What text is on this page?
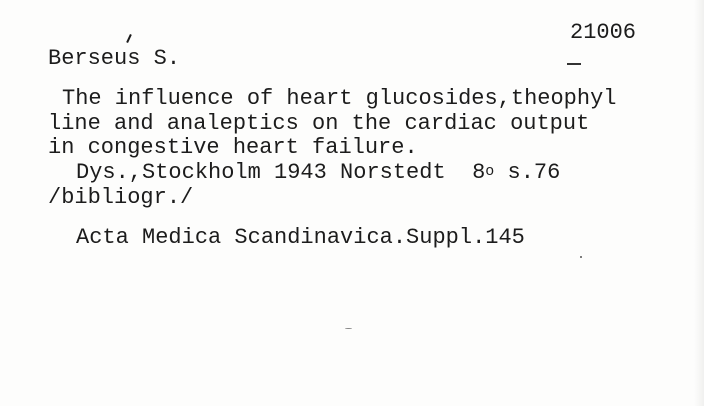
21006
Berseus S.
The influence of heart glucosides,theophyl
line and analeptics on the cardiac output
in congestive heart failure.
Dys.,Stockholm 1943 Norstedt  8$^o$ s.76
/bibliogr./
Acta Medica Scandinavica.Suppl.145
